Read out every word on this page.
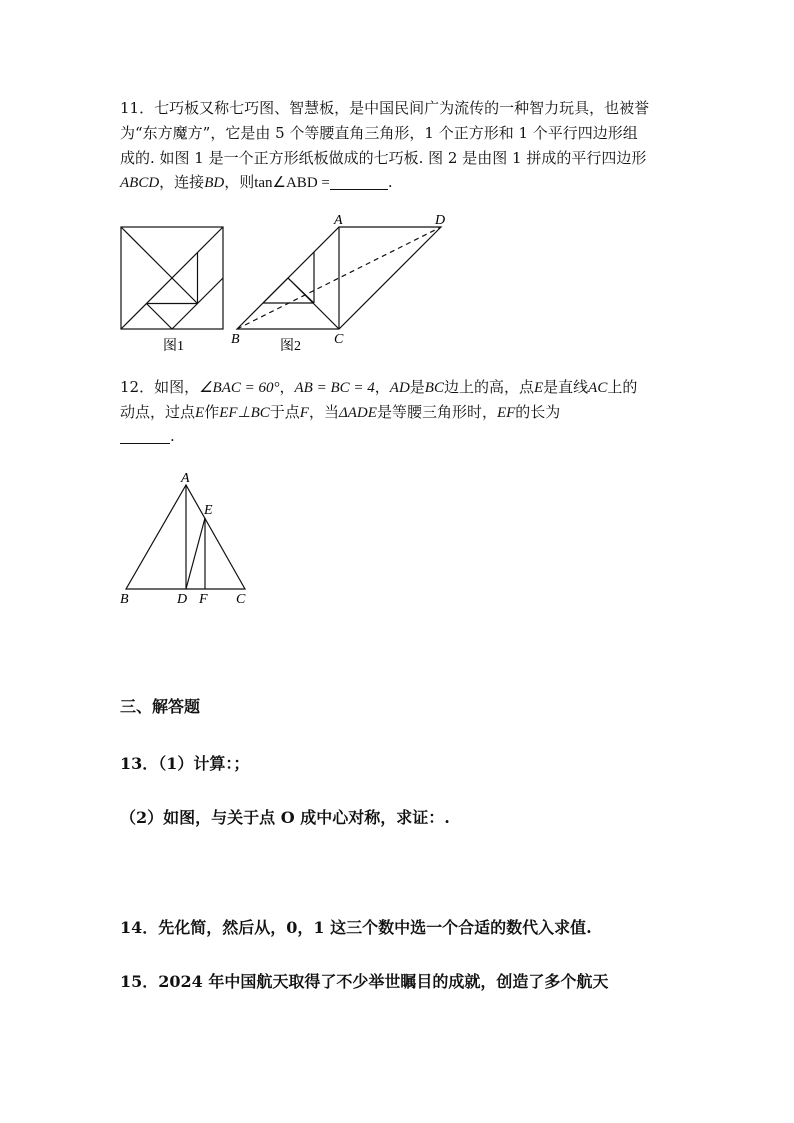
11．七巧板又称七巧图、智慧板，是中国民间广为流传的一种智力玩具，也被誉
为“东方魔方”，它是由 5 个等腰直角三角形，1 个正方形和 1 个平行四边形组
成的. 如图 1 是一个正方形纸板做成的七巧板. 图 2 是由图 1 拼成的平行四边形
ABCD，连接BD，则tan∠ABD =	.
图1
A	D
B	C
图2
A
E
B	D F C
12．如图，∠BAC = 60°，AB = BC = 4，AD是BC边上的高，点E是直线AC上的
动点，过点E作EF⊥BC于点F，当ΔADE是等腰三角形时，EF的长为
.
三、解答题
13．（1）计算：；
（2）如图，与关于点 O 成中心对称，求证：.
14．先化简，然后从，0，1 这三个数中选一个合适的数代入求值.
15．2024 年中国航天取得了不少举世瞩目的成就，创造了多个航天
